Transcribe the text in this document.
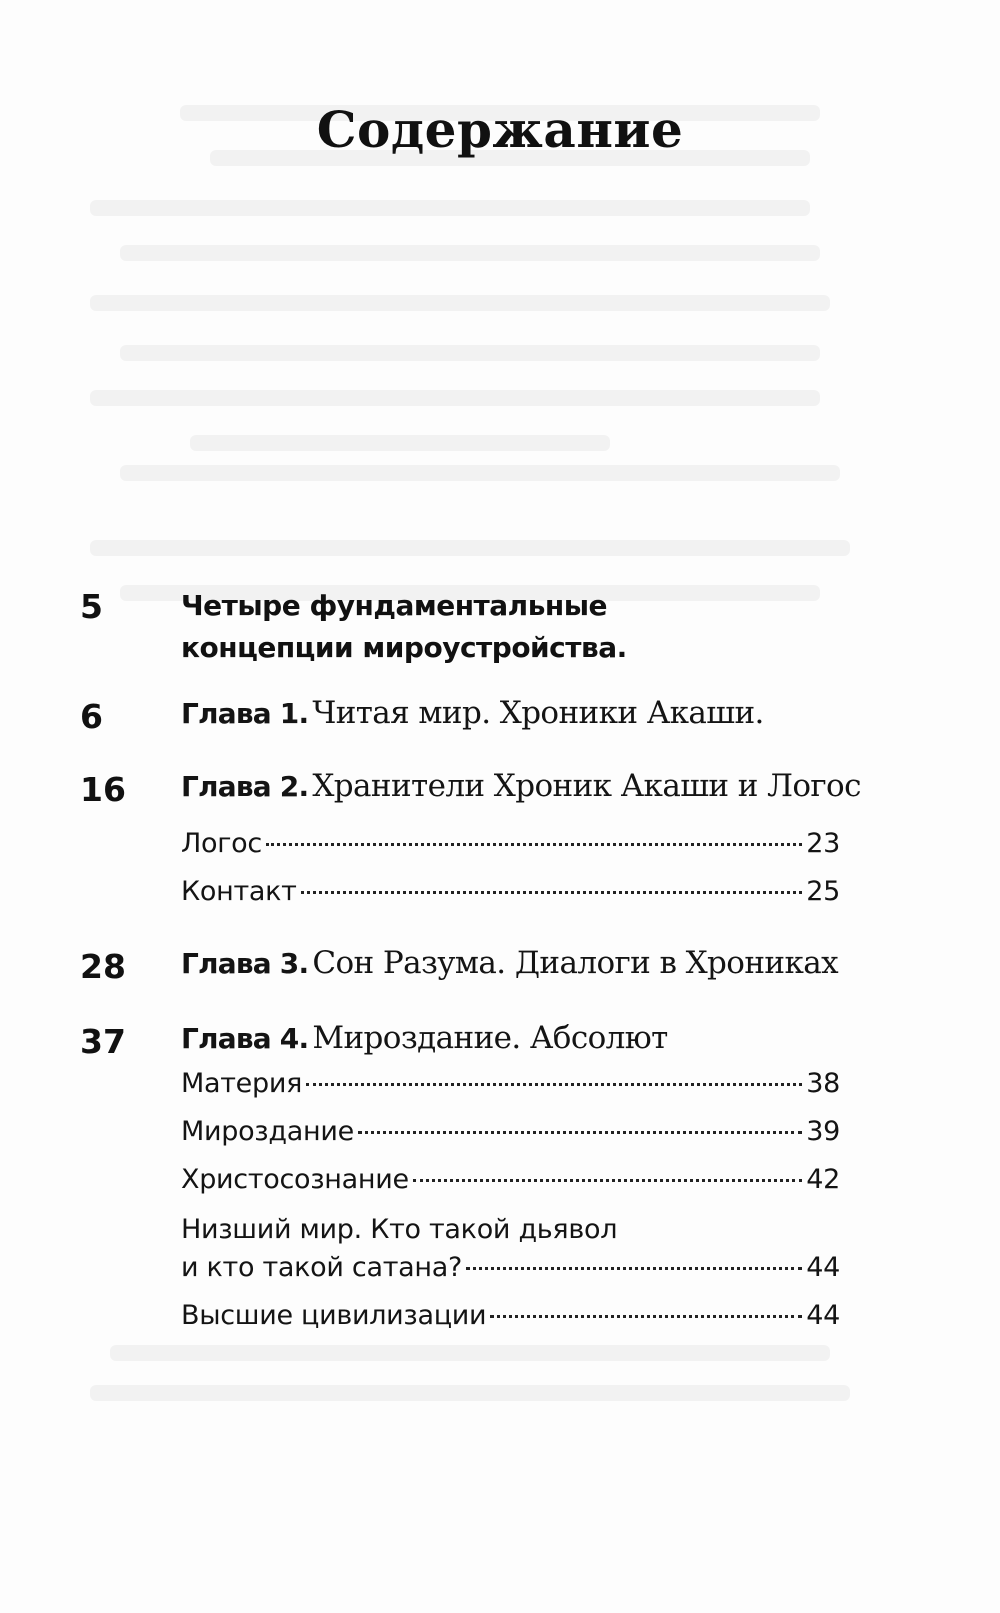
Содержание
5	Четыре фундаментальные
концепции мироустройства.
6	Глава 1. Читая мир. Хроники Акаши.
16 Глава 2. Хранители Хроник Акаши и Логос
Логос	23
Контакт	25
28 Глава 3. Сон Разума. Диалоги в Хрониках
37 Глава 4. Мироздание. Абсолют
Материя	38
Мироздание	39
Христосознание	42
Низший мир. Кто такой дьявол
и кто такой сатана?	44
Высшие цивилизации	44
